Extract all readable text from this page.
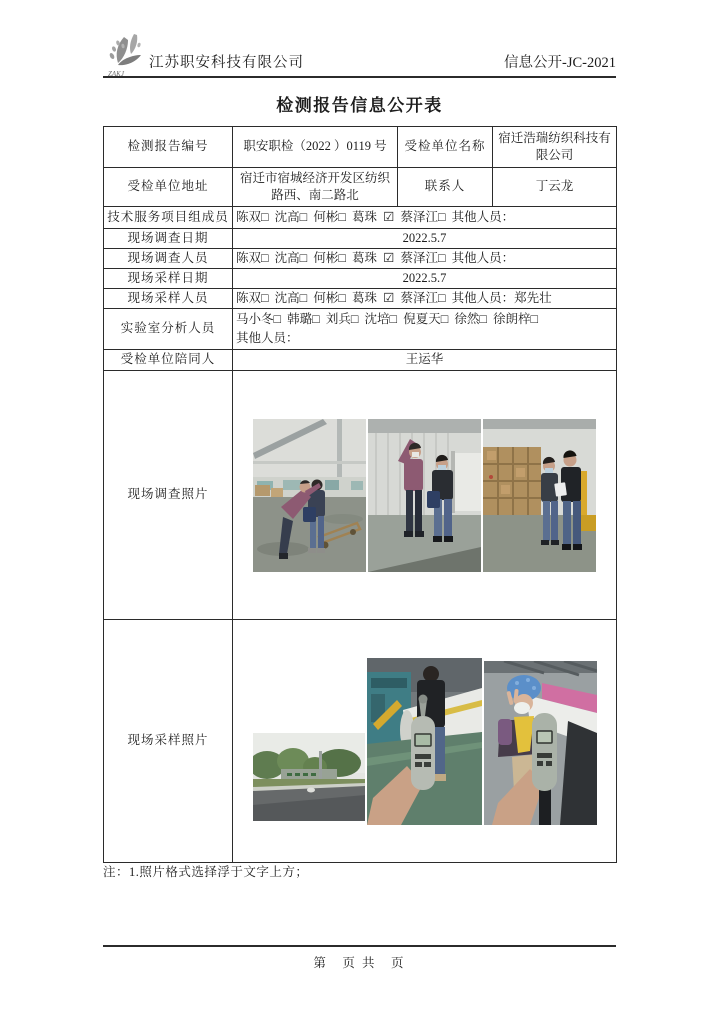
ZAKJ
江苏职安科技有限公司	信息公开-JC-2021
检测报告信息公开表
检测报告编号	职安职检（2022 ）0119 号	受检单位名称	宿迁浩瑞纺织科技有限公司
受检单位地址	宿迁市宿城经济开发区纺织路西、南二路北	联系人	丁云龙
技术服务项目组成员	陈双□ 沈高□ 何彬□ 葛珠 ☑ 蔡泽江□ 其他人员：		
现场调查日期	2022.5.7		
现场调查人员	陈双□ 沈高□ 何彬□ 葛珠 ☑ 蔡泽江□ 其他人员：		
现场采样日期	2022.5.7		
现场采样人员	陈双□ 沈高□ 何彬□ 葛珠 ☑ 蔡泽江□ 其他人员：郑先壮		
实验室分析人员	马小冬□ 韩璐□ 刘兵□ 沈培□ 倪夏天□ 徐然□ 徐朗梓□
其他人员：		

受检单位陪同人	王运华		
现场调查照片	

现场采样照片	
注：1.照片格式选择浮于文字上方；
第　页 共　页
